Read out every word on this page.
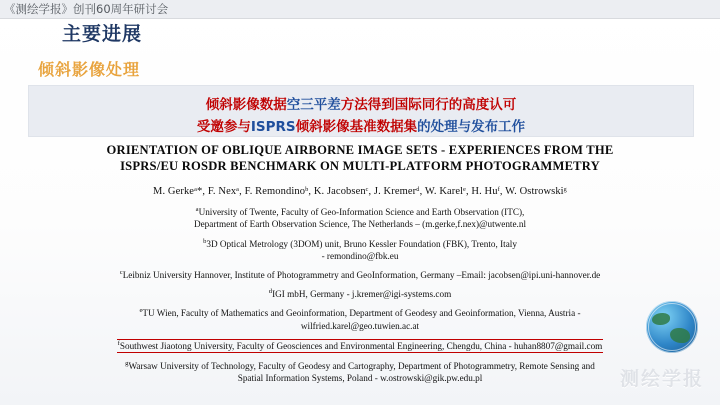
《测绘学报》创刊60周年研讨会
主要进展
倾斜影像处理
倾斜影像数据空三平差方法得到国际同行的高度认可
受邀参与ISPRS倾斜影像基准数据集的处理与发布工作
ORIENTATION OF OBLIQUE AIRBORNE IMAGE SETS - EXPERIENCES FROM THE
ISPRS/EU ROSDR BENCHMARK ON MULTI-PLATFORM PHOTOGRAMMETRY
M. Gerkeᵃ*, F. Nexᵃ, F. Remondinoᵇ, K. Jacobsenᶜ, J. Kremerᵈ, W. Karelᵉ, H. Huᶠ, W. Ostrowskiᵍ
$^a$University of Twente, Faculty of Geo-Information Science and Earth Observation (ITC),
Department of Earth Observation Science, The Netherlands – (m.gerke,f.nex)@utwente.nl
$^b$3D Optical Metrology (3DOM) unit, Bruno Kessler Foundation (FBK), Trento, Italy
- remondino@fbk.eu
$^c$Leibniz University Hannover, Institute of Photogrammetry and GeoInformation, Germany –Email: jacobsen@ipi.uni-hannover.de
$^d$IGI mbH, Germany - j.kremer@igi-systems.com
$^e$TU Wien, Faculty of Mathematics and Geoinformation, Department of Geodesy and Geoinformation, Vienna, Austria -
wilfried.karel@geo.tuwien.ac.at
$^f$Southwest Jiaotong University, Faculty of Geosciences and Environmental Engineering, Chengdu, China - huhan8807@gmail.com
$^g$Warsaw University of Technology, Faculty of Geodesy and Cartography, Department of Photogrammetry, Remote Sensing and
Spatial Information Systems, Poland - w.ostrowski@gik.pw.edu.pl	测绘学报
